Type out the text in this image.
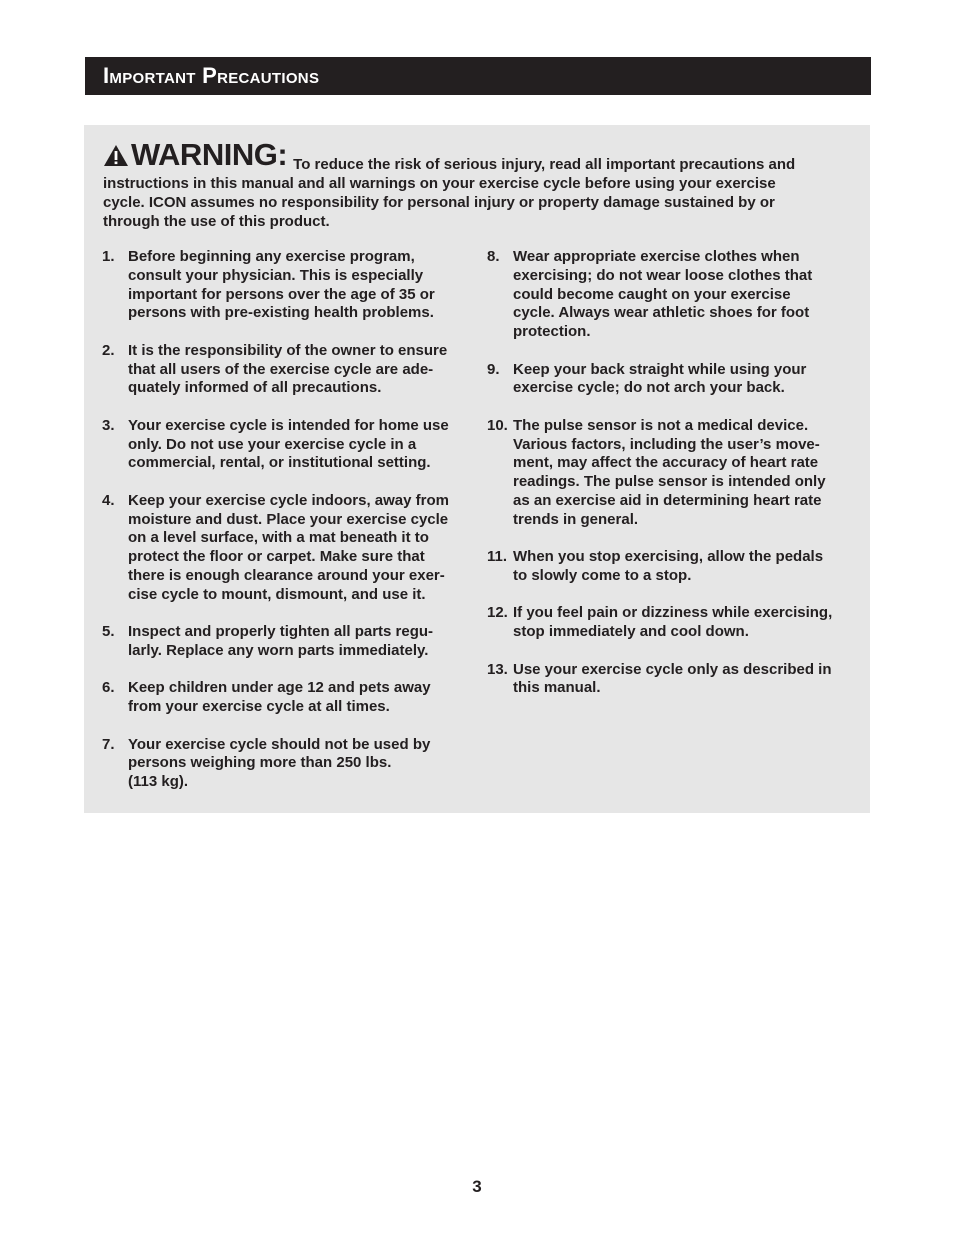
Important Precautions
WARNING: To reduce the risk of serious injury, read all important precautions and instructions in this manual and all warnings on your exercise cycle before using your exercise cycle. ICON assumes no responsibility for personal injury or property damage sustained by or through the use of this product.
1. Before beginning any exercise program,
consult your physician. This is especially
important for persons over the age of 35 or
persons with pre-existing health problems.
2. It is the responsibility of the owner to ensure
that all users of the exercise cycle are ade-
quately informed of all precautions.
3. Your exercise cycle is intended for home use
only. Do not use your exercise cycle in a
commercial, rental, or institutional setting.
4. Keep your exercise cycle indoors, away from
moisture and dust. Place your exercise cycle
on a level surface, with a mat beneath it to
protect the floor or carpet. Make sure that
there is enough clearance around your exer-
cise cycle to mount, dismount, and use it.
5. Inspect and properly tighten all parts regu-
larly. Replace any worn parts immediately.
6. Keep children under age 12 and pets away
from your exercise cycle at all times.
7. Your exercise cycle should not be used by
persons weighing more than 250 lbs.
(113 kg).
8. Wear appropriate exercise clothes when
exercising; do not wear loose clothes that
could become caught on your exercise
cycle. Always wear athletic shoes for foot
protection.
9. Keep your back straight while using your
exercise cycle; do not arch your back.
10. The pulse sensor is not a medical device.
Various factors, including the user’s move-
ment, may affect the accuracy of heart rate
readings. The pulse sensor is intended only
as an exercise aid in determining heart rate
trends in general.
11. When you stop exercising, allow the pedals
to slowly come to a stop.
12. If you feel pain or dizziness while exercising,
stop immediately and cool down.
13. Use your exercise cycle only as described in
this manual.
3
